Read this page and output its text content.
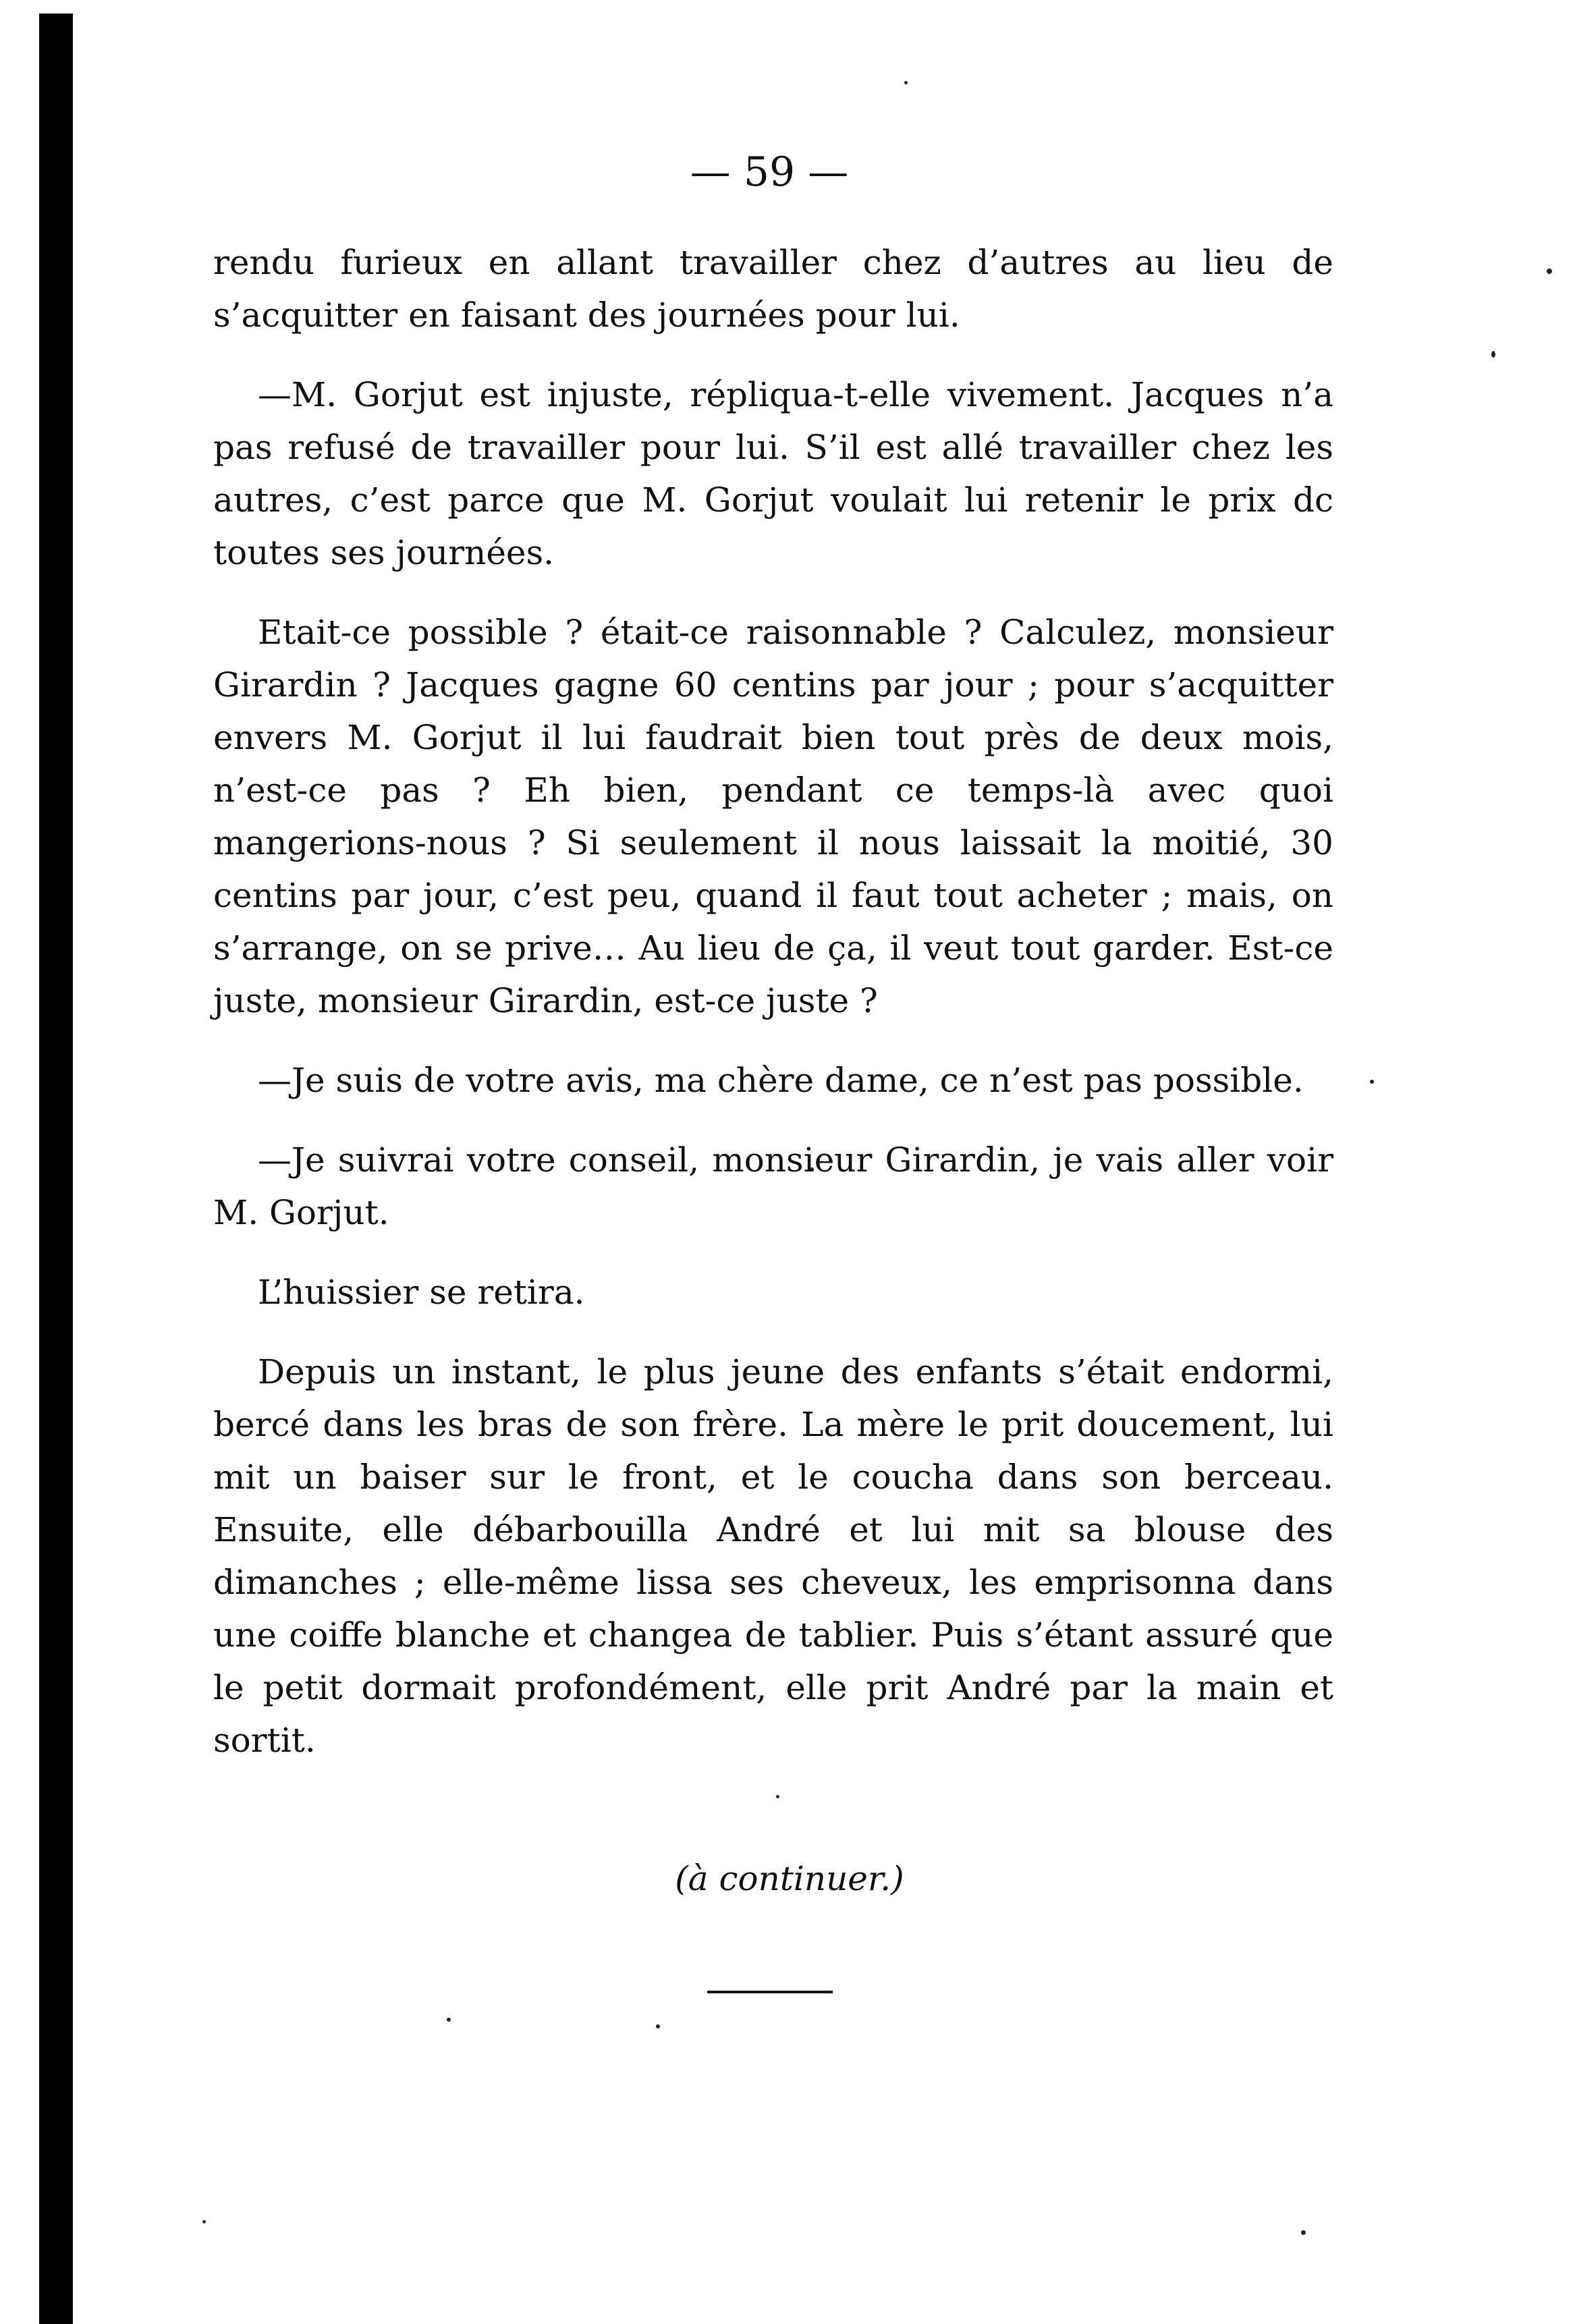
— 59 —

rendu furieux en allant travailler chez d’autres au lieu de s’acquitter en faisant des journées pour lui.

—M. Gorjut est injuste, répliqua-t-elle vivement. Jacques n’a pas refusé de travailler pour lui. S’il est allé travailler chez les autres, c’est parce que M. Gorjut voulait lui retenir le prix dc toutes ses journées.

Etait-ce possible ? était-ce raisonnable ? Calculez, monsieur Girardin ? Jacques gagne 60 centins par jour ; pour s’acquitter envers M. Gorjut il lui faudrait bien tout près de deux mois, n’est-ce pas ? Eh bien, pendant ce temps-là avec quoi mangerions-nous ? Si seulement il nous laissait la moitié, 30 centins par jour, c’est peu, quand il faut tout acheter ; mais, on s’arrange, on se prive… Au lieu de ça, il veut tout garder. Est-ce juste, monsieur Girardin, est-ce juste ?

—Je suis de votre avis, ma chère dame, ce n’est pas possible.

—Je suivrai votre conseil, monsieur Girardin, je vais aller voir M. Gorjut.

L’huissier se retira.

Depuis un instant, le plus jeune des enfants s’était endormi, bercé dans les bras de son frère. La mère le prit doucement, lui mit un baiser sur le front, et le coucha dans son berceau. Ensuite, elle débarbouilla André et lui mit sa blouse des dimanches ; elle-même lissa ses cheveux, les emprisonna dans une coiffe blanche et changea de tablier. Puis s’étant assuré que le petit dormait profondément, elle prit André par la main et sortit.

(à continuer.)
